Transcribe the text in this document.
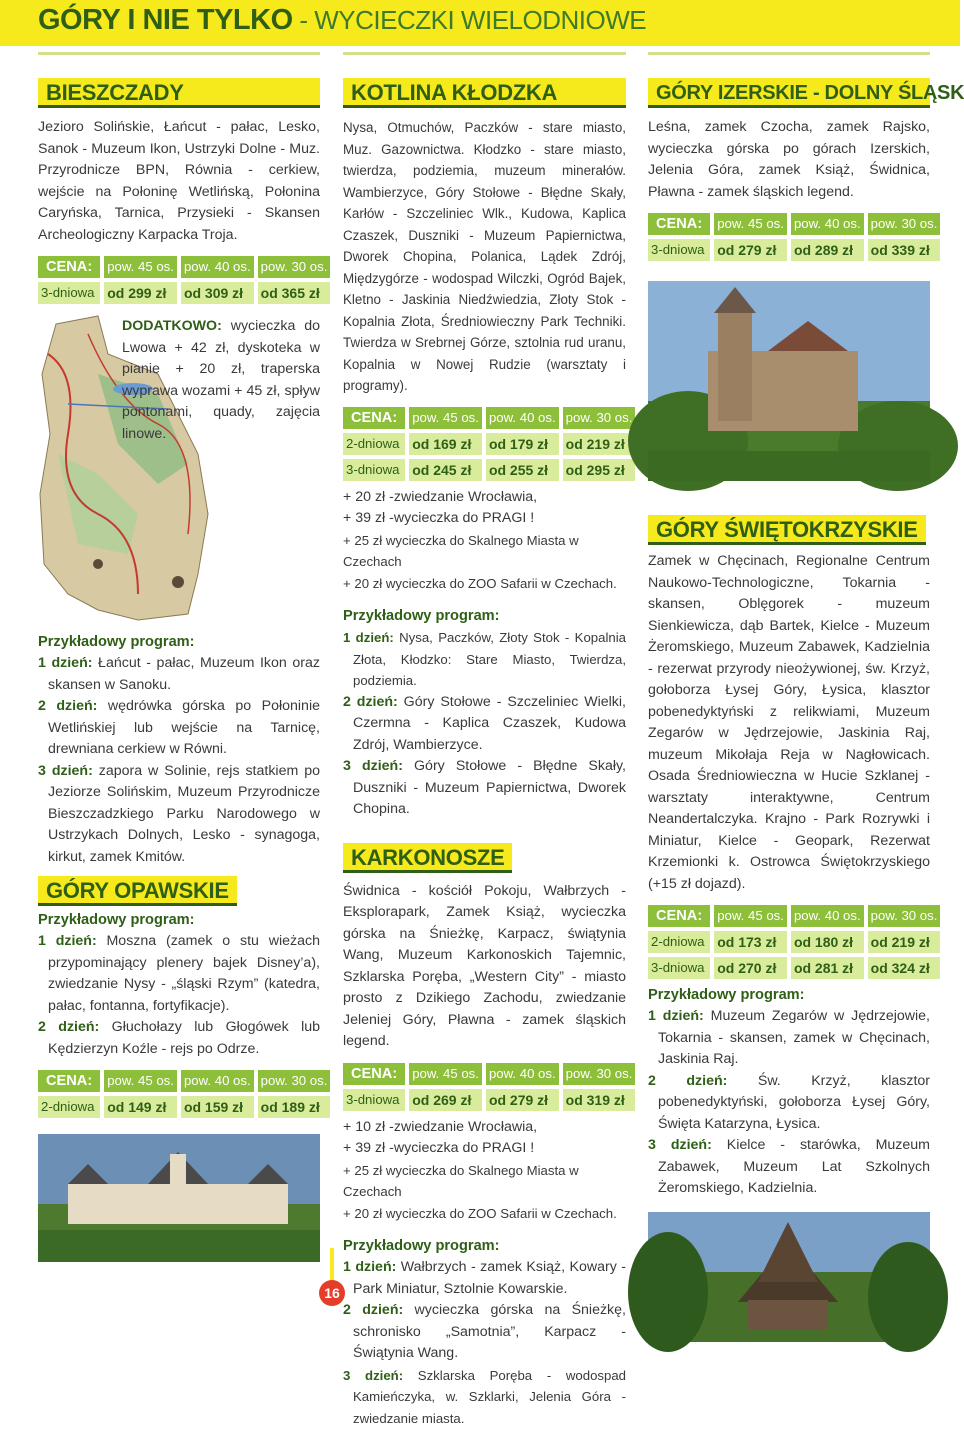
GÓRY I NIE TYLKO - WYCIECZKI WIELODNIOWE
BIESZCZADY

Jezioro Solińskie, Łańcut - pałac, Lesko, Sanok - Muzeum Ikon, Ustrzyki Dolne - Muz. Przyrodnicze BPN, Równia - cerkiew, wejście na Połoninę Wetlińską, Połonina Caryńska, Tarnica, Przysieki - Skansen Archeologiczny Karpacka Troja.

CENA:	pow. 45 os.	pow. 40 os.	pow. 30 os.
3-dniowa	od 299 zł	od 309 zł	od 365 zł
DODATKOWO: wycieczka do Lwowa + 42 zł, dyskoteka w pianie + 20 zł, traperska wyprawa wozami + 45 zł, spływ pontonami, quady, zajęcia linowe.
Przykładowy program:
1 dzień: Łańcut - pałac, Muzeum Ikon oraz skansen w Sanoku.
2 dzień: wędrówka górska po Połoninie Wetlińskiej lub wejście na Tarnicę, drewniana cerkiew w Równi.
3 dzień: zapora w Solinie, rejs statkiem po Jeziorze Solińskim, Muzeum Przyrodnicze Bieszczadzkiego Parku Narodowego w Ustrzykach Dolnych, Lesko - synagoga, kirkut, zamek Kmitów.
GÓRY OPAWSKIE
Przykładowy program:
1 dzień: Moszna (zamek o stu wieżach przypominający plenery bajek Disney’a), zwiedzanie Nysy - „śląski Rzym” (katedra, pałac, fontanna, fortyfikacje).
2 dzień: Głuchołazy lub Głogówek lub Kędzierzyn Koźle - rejs po Odrze.
CENA:	pow. 45 os.	pow. 40 os.	pow. 30 os.
2-dniowa	od 149 zł	od 159 zł	od 189 zł
KOTLINA KŁODZKA

Nysa, Otmuchów, Paczków - stare miasto, Muz. Gazownictwa. Kłodzko - stare miasto, twierdza, podziemia, muzeum minerałów. Wambierzyce, Góry Stołowe - Błędne Skały, Karłów - Szczeliniec Wlk., Kudowa, Kaplica Czaszek, Duszniki - Muzeum Papiernictwa, Dworek Chopina, Polanica, Lądek Zdrój, Międzygórze - wodospad Wilczki, Ogród Bajek, Kletno - Jaskinia Niedźwiedzia, Złoty Stok - Kopalnia Złota, Średniowieczny Park Techniki. Twierdza w Srebrnej Górze, sztolnia rud uranu, Kopalnia w Nowej Rudzie (warsztaty i programy).

CENA:	pow. 45 os.	pow. 40 os.	pow. 30 os.
2-dniowa	od 169 zł	od 179 zł	od 219 zł
3-dniowa	od 245 zł	od 255 zł	od 295 zł
+ 20 zł -zwiedzanie Wrocławia,
+ 39 zł -wycieczka do PRAGI !
+ 25 zł wycieczka do Skalnego Miasta w Czechach
+ 20 zł wycieczka do ZOO Safarii w Czechach.
Przykładowy program:
1 dzień: Nysa, Paczków, Złoty Stok - Kopalnia Złota, Kłodzko: Stare Miasto, Twierdza, podziemia.
2 dzień: Góry Stołowe - Szczeliniec Wielki, Czermna - Kaplica Czaszek, Kudowa Zdrój, Wambierzyce.
3 dzień: Góry Stołowe - Błędne Skały, Duszniki - Muzeum Papiernictwa, Dworek Chopina.
KARKONOSZE

Świdnica - kościół Pokoju, Wałbrzych - Eksplorapark, Zamek Książ, wycieczka górska na Śnieżkę, Karpacz, świątynia Wang, Muzeum Karkonoskich Tajemnic, Szklarska Poręba, „Western City” - miasto prosto z Dzikiego Zachodu, zwiedzanie Jeleniej Góry, Pławna - zamek śląskich legend.

CENA:	pow. 45 os.	pow. 40 os.	pow. 30 os.
3-dniowa	od 269 zł	od 279 zł	od 319 zł
+ 10 zł -zwiedzanie Wrocławia,
+ 39 zł -wycieczka do PRAGI !
+ 25 zł wycieczka do Skalnego Miasta w Czechach
+ 20 zł wycieczka do ZOO Safarii w Czechach.
Przykładowy program:
1 dzień: Wałbrzych - zamek Książ, Kowary - Park Miniatur, Sztolnie Kowarskie.
2 dzień: wycieczka górska na Śnieżkę, schronisko „Samotnia”, Karpacz - Świątynia Wang.
3 dzień: Szklarska Poręba - wodospad Kamieńczyka, w. Szklarki, Jelenia Góra - zwiedzanie miasta.
GÓRY IZERSKIE - DOLNY ŚLĄSK

Leśna, zamek Czocha, zamek Rajsko, wycieczka górska po górach Izerskich, Jelenia Góra, zamek Książ, Świdnica, Pławna - zamek śląskich legend.

CENA:	pow. 45 os.	pow. 40 os.	pow. 30 os.
3-dniowa	od 279 zł	od 289 zł	od 339 zł
GÓRY ŚWIĘTOKRZYSKIE

Zamek w Chęcinach, Regionalne Centrum Naukowo-Technologiczne, Tokarnia - skansen, Oblęgorek - muzeum Sienkiewicza, dąb Bartek, Kielce - Muzeum Żeromskiego, Muzeum Zabawek, Kadzielnia - rezerwat przyrody nieożywionej, św. Krzyż, gołoborza Łysej Góry, Łysica, klasztor pobenedyktyński z relikwiami, Muzeum Zegarów w Jędrzejowie, Jaskinia Raj, muzeum Mikołaja Reja w Nagłowicach. Osada Średniowieczna w Hucie Szklanej - warsztaty interaktywne, Centrum Neandertalczyka. Krajno - Park Rozrywki i Miniatur, Kielce - Geopark, Rezerwat Krzemionki k. Ostrowca Świętokrzyskiego (+15 zł dojazd).

CENA:	pow. 45 os.	pow. 40 os.	pow. 30 os.
2-dniowa	od 173 zł	od 180 zł	od 219 zł
3-dniowa	od 270 zł	od 281 zł	od 324 zł
Przykładowy program:
1 dzień: Muzeum Zegarów w Jędrzejowie, Tokarnia - skansen, zamek w Chęcinach, Jaskinia Raj.
2 dzień: Św. Krzyż, klasztor pobenedyktyński, gołoborza Łysej Góry, Święta Katarzyna, Łysica.
3 dzień: Kielce - starówka, Muzeum Zabawek, Muzeum Lat Szkolnych Żeromskiego, Kadzielnia.
16
